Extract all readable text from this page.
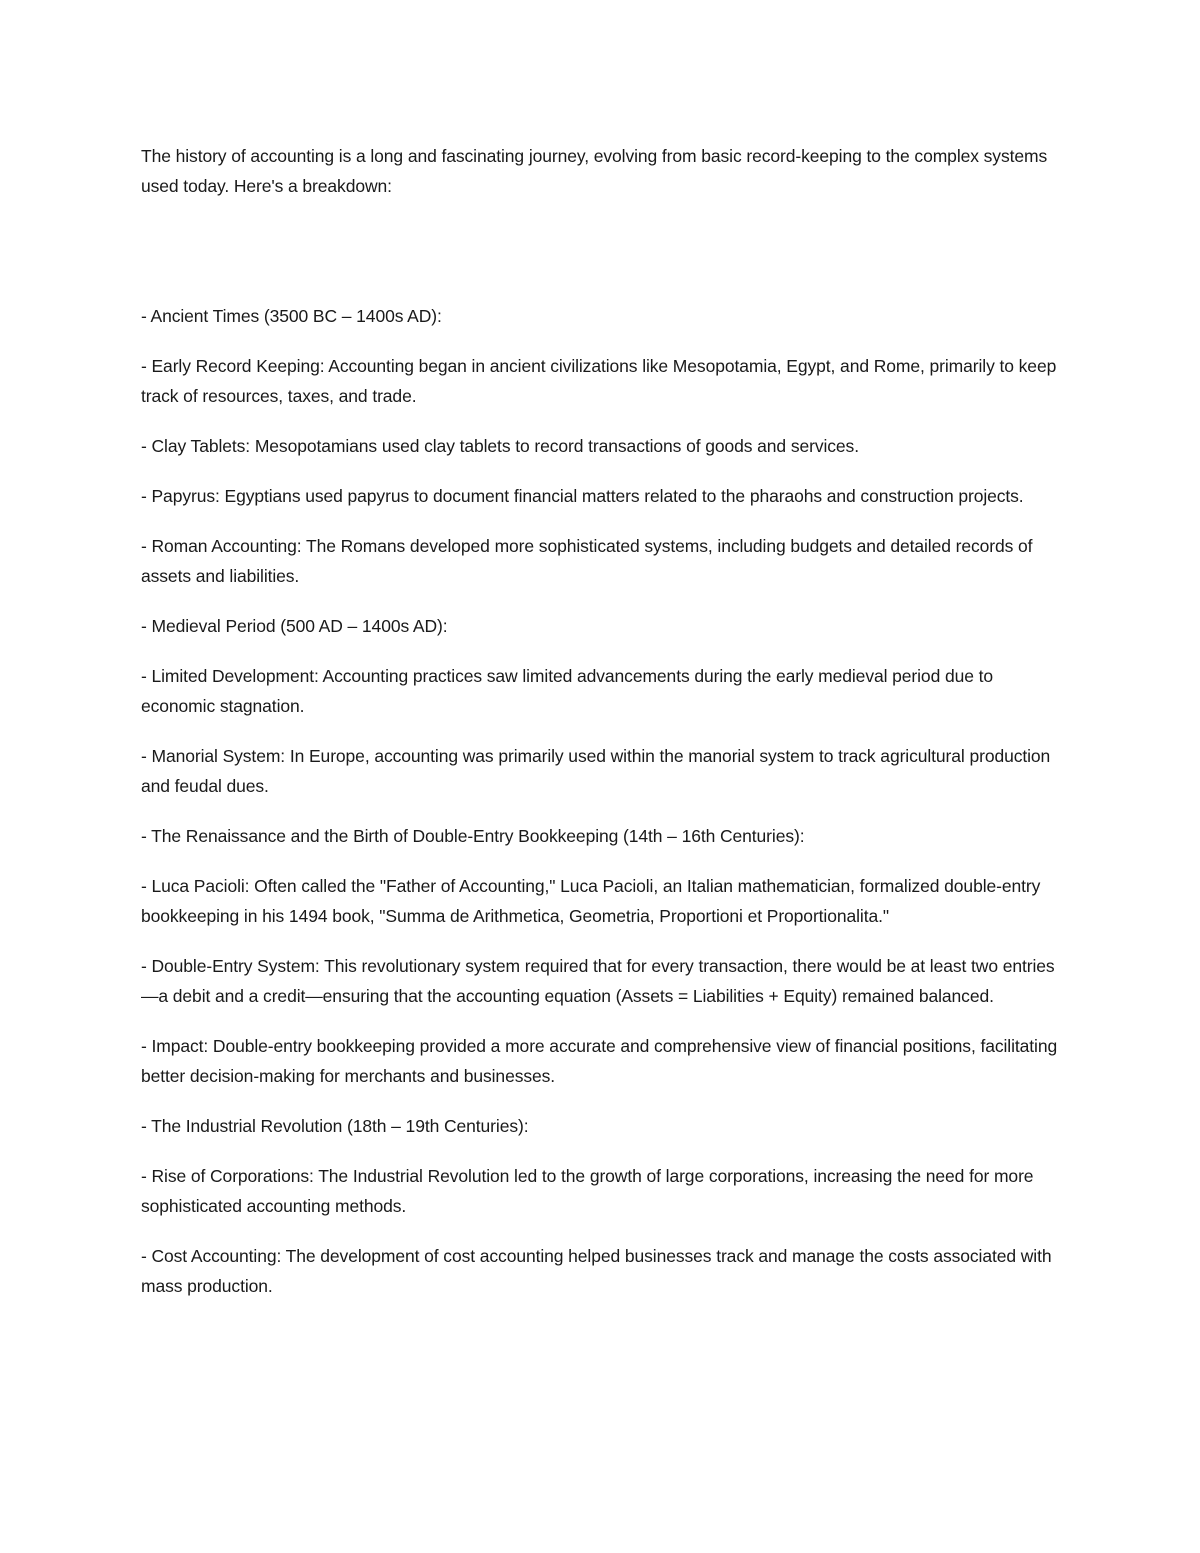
The history of accounting is a long and fascinating journey, evolving from basic record-keeping to the complex systems used today. Here's a breakdown:

- Ancient Times (3500 BC – 1400s AD):

- Early Record Keeping: Accounting began in ancient civilizations like Mesopotamia, Egypt, and Rome, primarily to keep track of resources, taxes, and trade.

- Clay Tablets: Mesopotamians used clay tablets to record transactions of goods and services.

- Papyrus: Egyptians used papyrus to document financial matters related to the pharaohs and construction projects.

- Roman Accounting: The Romans developed more sophisticated systems, including budgets and detailed records of assets and liabilities.

- Medieval Period (500 AD – 1400s AD):

- Limited Development: Accounting practices saw limited advancements during the early medieval period due to economic stagnation.

- Manorial System: In Europe, accounting was primarily used within the manorial system to track agricultural production and feudal dues.

- The Renaissance and the Birth of Double-Entry Bookkeeping (14th – 16th Centuries):

- Luca Pacioli: Often called the "Father of Accounting," Luca Pacioli, an Italian mathematician, formalized double-entry bookkeeping in his 1494 book, "Summa de Arithmetica, Geometria, Proportioni et Proportionalita."

- Double-Entry System: This revolutionary system required that for every transaction, there would be at least two entries—a debit and a credit—ensuring that the accounting equation (Assets = Liabilities + Equity) remained balanced.

- Impact: Double-entry bookkeeping provided a more accurate and comprehensive view of financial positions, facilitating better decision-making for merchants and businesses.

- The Industrial Revolution (18th – 19th Centuries):

- Rise of Corporations: The Industrial Revolution led to the growth of large corporations, increasing the need for more sophisticated accounting methods.

- Cost Accounting: The development of cost accounting helped businesses track and manage the costs associated with mass production.
